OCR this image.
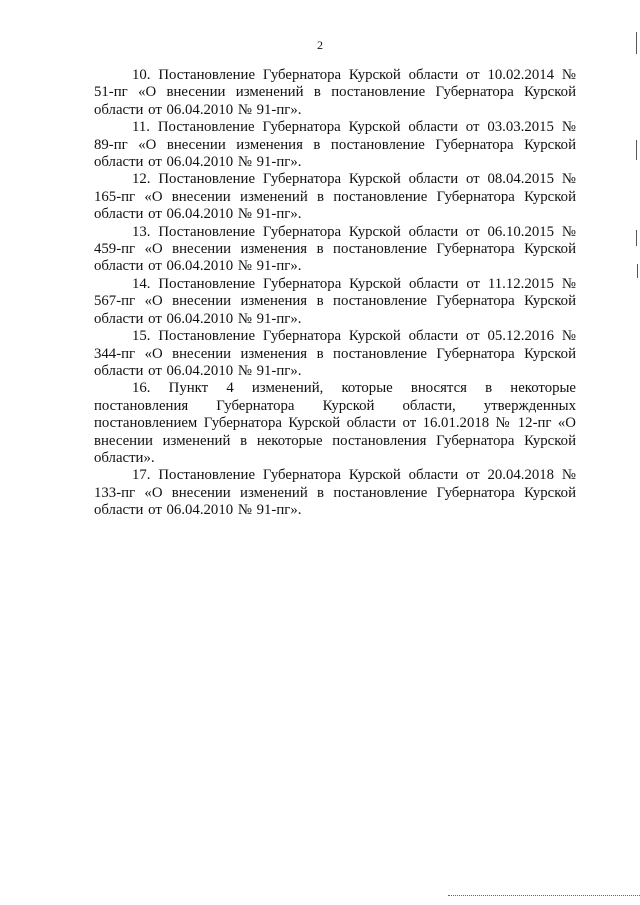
2

10. Постановление Губернатора Курской области от 10.02.2014 № 51-пг «О внесении изменений в постановление Губернатора Курской области от 06.04.2010 № 91-пг».

11. Постановление Губернатора Курской области от 03.03.2015 № 89-пг «О внесении изменения в постановление Губернатора Курской области от 06.04.2010 № 91-пг».

12. Постановление Губернатора Курской области от 08.04.2015 № 165-пг «О внесении изменений в постановление Губернатора Курской области от 06.04.2010 № 91-пг».

13. Постановление Губернатора Курской области от 06.10.2015 № 459-пг «О внесении изменения в постановление Губернатора Курской области от 06.04.2010 № 91-пг».

14. Постановление Губернатора Курской области от 11.12.2015 № 567-пг «О внесении изменения в постановление Губернатора Курской области от 06.04.2010 № 91-пг».

15. Постановление Губернатора Курской области от 05.12.2016 № 344-пг «О внесении изменения в постановление Губернатора Курской области от 06.04.2010 № 91-пг».

16. Пункт 4 изменений, которые вносятся в некоторые постановления Губернатора Курской области, утвержденных постановлением Губернатора Курской области от 16.01.2018 № 12-пг «О внесении изменений в некоторые постановления Губернатора Курской области».

17. Постановление Губернатора Курской области от 20.04.2018 № 133-пг «О внесении изменений в постановление Губернатора Курской области от 06.04.2010 № 91-пг».
